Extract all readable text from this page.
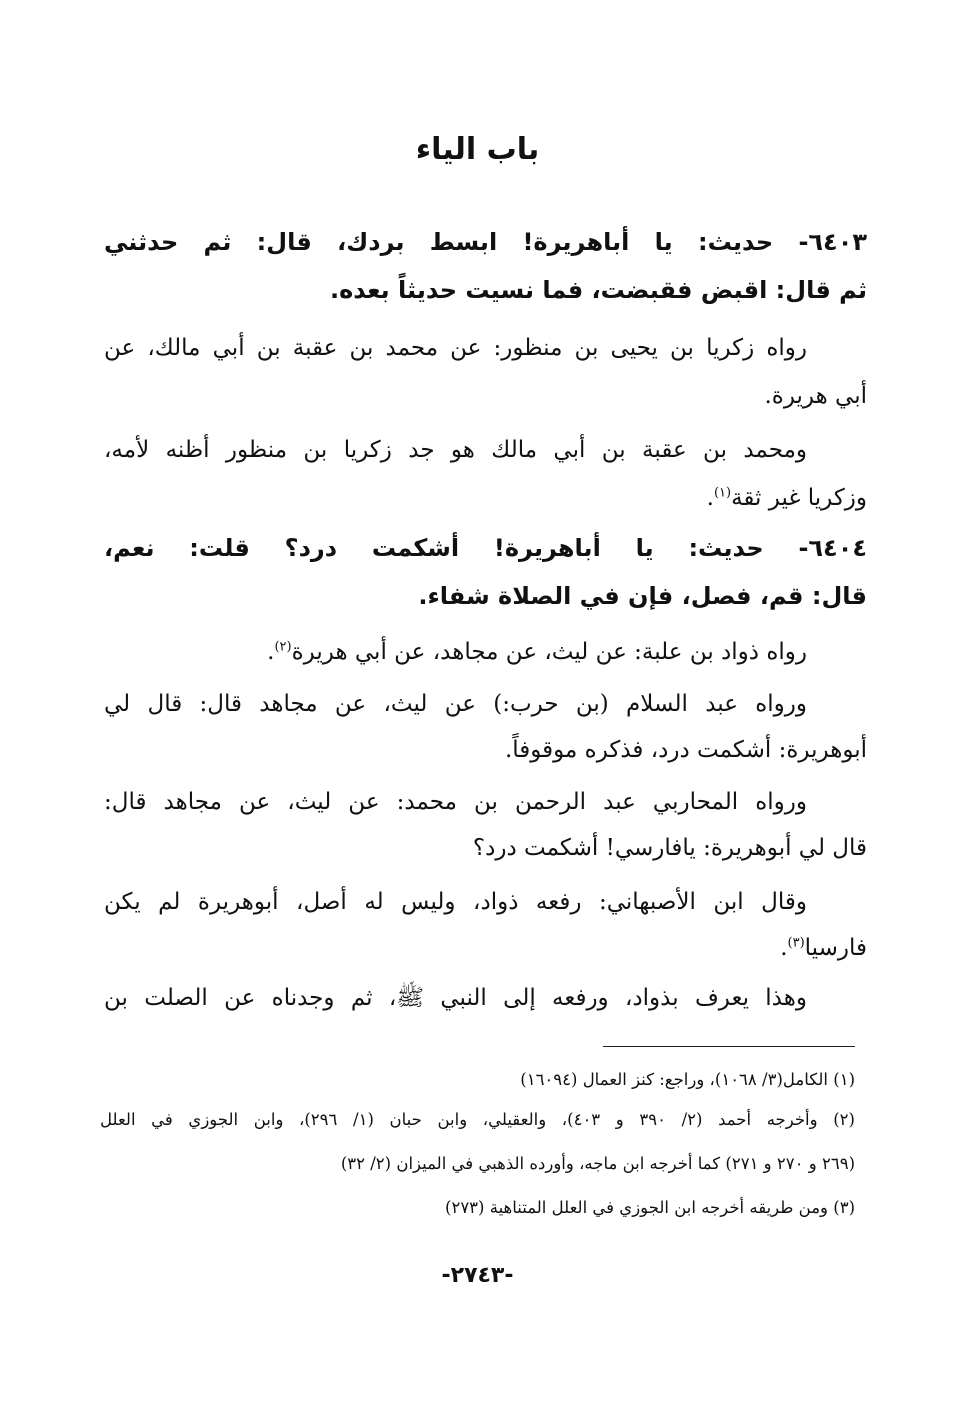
باب الياء
٦٤٠٣- حديث: يا أباهريرة! ابسط بردك، قال: ثم حدثني
ثم قال: اقبض فقبضت، فما نسيت حديثاً بعده.
رواه زكريا بن يحيى بن منظور: عن محمد بن عقبة بن أبي مالك، عن
أبي هريرة.
ومحمد بن عقبة بن أبي مالك هو جد زكريا بن منظور أظنه لأمه،
وزكريا غير ثقة$^{(١)}$.
٦٤٠٤- حديث: يا أباهريرة! أشكمت درد؟ قلت: نعم،
قال: قم، فصل، فإن في الصلاة شفاء.
رواه ذواد بن علبة: عن ليث، عن مجاهد، عن أبي هريرة$^{(٢)}$.
ورواه عبد السلام (بن حرب:) عن ليث، عن مجاهد قال: قال لي
أبوهريرة: أشكمت درد، فذكره موقوفاً.
ورواه المحاربي عبد الرحمن بن محمد: عن ليث، عن مجاهد قال:
قال لي أبوهريرة: يافارسي! أشكمت درد؟
وقال ابن الأصبهاني: رفعه ذواد، وليس له أصل، أبوهريرة لم يكن
فارسيا$^{(٣)}$.
وهذا يعرف بذواد، ورفعه إلى النبي ﷺ، ثم وجدناه عن الصلت بن
(١) الكامل(٣/ ١٠٦٨)، وراجع: كنز العمال (١٦٠٩٤)
(٢) وأخرجه أحمد (٢/ ٣٩٠ و ٤٠٣)، والعقيلي، وابن حبان (١/ ٢٩٦)، وابن الجوزي في العلل
(٢٦٩ و ٢٧٠ و ٢٧١) كما أخرجه ابن ماجه، وأورده الذهبي في الميزان (٢/ ٣٢)
(٣) ومن طريقه أخرجه ابن الجوزي في العلل المتناهية (٢٧٣)
-٢٧٤٣-
